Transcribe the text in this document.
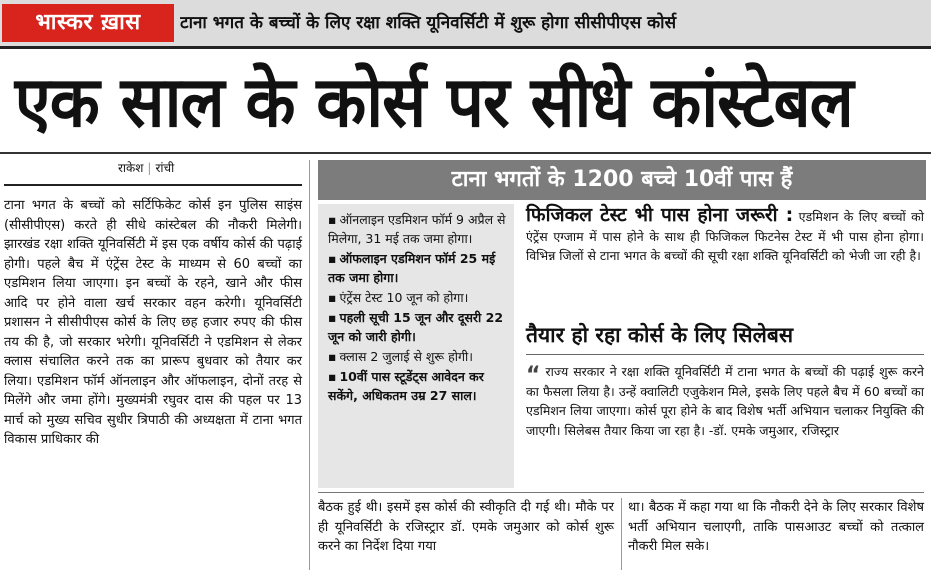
भास्कर ख़ास	टाना भगत के बच्चों के लिए रक्षा शक्ति यूनिवर्सिटी में शुरू होगा सीसीपीएस कोर्स
एक साल के कोर्स पर सीधे कांस्टेबल
राकेश | रांची
टाना भगत के बच्चों को सर्टिफिकेट कोर्स इन पुलिस साइंस (सीसीपीएस) करते ही सीधे कांस्टेबल की नौकरी मिलेगी। झारखंड रक्षा शक्ति यूनिवर्सिटी में इस एक वर्षीय कोर्स की पढ़ाई होगी। पहले बैच में एंट्रेंस टेस्ट के माध्यम से 60 बच्चों का एडमिशन लिया जाएगा। इन बच्चों के रहने, खाने और फीस आदि पर होने वाला खर्च सरकार वहन करेगी। यूनिवर्सिटी प्रशासन ने सीसीपीएस कोर्स के लिए छह हजार रुपए की फीस तय की है, जो सरकार भरेगी। यूनिवर्सिटी ने एडमिशन से लेकर क्लास संचालित करने तक का प्रारूप बुधवार को तैयार कर लिया। एडमिशन फॉर्म ऑनलाइन और ऑफलाइन, दोनों तरह से मिलेंगे और जमा होंगे। मुख्यमंत्री रघुवर दास की पहल पर 13 मार्च को मुख्य सचिव सुधीर त्रिपाठी की अध्यक्षता में टाना भगत विकास प्राधिकार की
टाना भगतों के 1200 बच्चे 10वीं पास हैं
▪ ऑनलाइन एडमिशन फॉर्म 9 अप्रैल से मिलेगा, 31 मई तक जमा होगा।
▪ ऑफलाइन एडमिशन फॉर्म 25 मई तक जमा होगा।
▪ एंट्रेंस टेस्ट 10 जून को होगा।
▪ पहली सूची 15 जून और दूसरी 22 जून को जारी होगी।
▪ क्लास 2 जुलाई से शुरू होगी।
▪ 10वीं पास स्टूडेंट्स आवेदन कर सकेंगे, अधिकतम उम्र 27 साल।
फिजिकल टेस्ट भी पास होना जरूरी : एडमिशन के लिए बच्चों को एंट्रेंस एग्जाम में पास होने के साथ ही फिजिकल फिटनेस टेस्ट में भी पास होना होगा। विभिन्न जिलों से टाना भगत के बच्चों की सूची रक्षा शक्ति यूनिवर्सिटी को भेजी जा रही है।
तैयार हो रहा कोर्स के लिए सिलेबस
“ राज्य सरकार ने रक्षा शक्ति यूनिवर्सिटी में टाना भगत के बच्चों की पढ़ाई शुरू करने का फैसला लिया है। उन्हें क्वालिटी एजुकेशन मिले, इसके लिए पहले बैच में 60 बच्चों का एडमिशन लिया जाएगा। कोर्स पूरा होने के बाद विशेष भर्ती अभियान चलाकर नियुक्ति की जाएगी। सिलेबस तैयार किया जा रहा है। -डॉ. एमके जमुआर, रजिस्ट्रार
बैठक हुई थी। इसमें इस कोर्स की स्वीकृति दी गई थी। मौके पर ही यूनिवर्सिटी के रजिस्ट्रार डॉ. एमके जमुआर को कोर्स शुरू करने का निर्देश दिया गया
था। बैठक में कहा गया था कि नौकरी देने के लिए सरकार विशेष भर्ती अभियान चलाएगी, ताकि पासआउट बच्चों को तत्काल नौकरी मिल सके।
